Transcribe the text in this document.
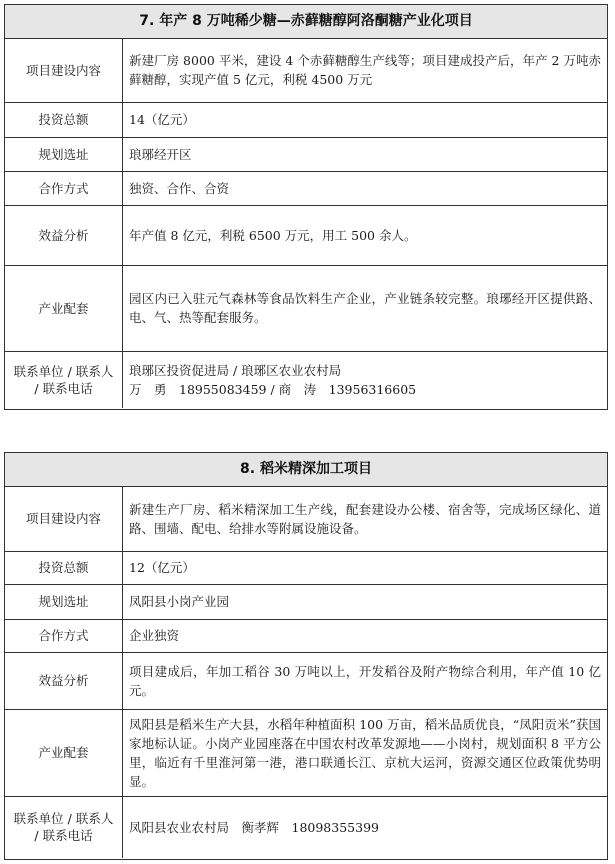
7. 年产 8 万吨稀少糖—赤藓糖醇阿洛酮糖产业化项目
项目建设内容	新建厂房 8000 平米，建设 4 个赤藓糖醇生产线等；项目建成投产后，年产 2 万吨赤藓糖醇，实现产值 5 亿元，利税 4500 万元
投资总额	14（亿元）
规划选址	琅琊经开区
合作方式	独资、合作、合资
效益分析	年产值 8 亿元，利税 6500 万元，用工 500 余人。
产业配套	园区内已入驻元气森林等食品饮料生产企业，产业链条较完整。琅琊经开区提供路、电、气、热等配套服务。

联系单位 / 联系人
/ 联系电话	琅琊区投资促进局 / 琅琊区农业农村局
万　勇　18955083459 / 商　涛　13956316605
8. 稻米精深加工项目
项目建设内容	新建生产厂房、稻米精深加工生产线，配套建设办公楼、宿舍等，完成场区绿化、道路、围墙、配电、给排水等附属设施设备。
投资总额	12（亿元）
规划选址	凤阳县小岗产业园
合作方式	企业独资
效益分析	项目建成后，年加工稻谷 30 万吨以上，开发稻谷及附产物综合利用，年产值 10 亿元。
产业配套	凤阳县是稻米生产大县，水稻年种植面积 100 万亩，稻米品质优良，“凤阳贡米”获国家地标认证。小岗产业园座落在中国农村改革发源地——小岗村，规划面积 8 平方公里，临近有千里淮河第一港，港口联通长江、京杭大运河，资源交通区位政策优势明显。

联系单位 / 联系人
/ 联系电话	凤阳县农业农村局　衡孝辉　18098355399
